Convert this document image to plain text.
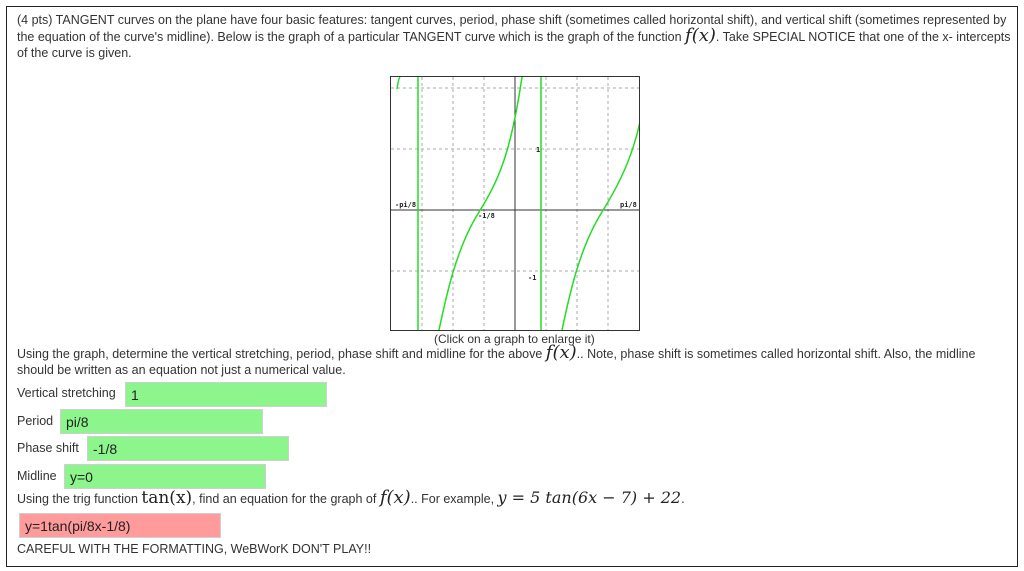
(4 pts) TANGENT curves on the plane have four basic features: tangent curves, period, phase shift (sometimes called horizontal shift), and vertical shift (sometimes represented by the equation of the curve's midline). Below is the graph of a particular TANGENT curve which is the graph of the function f(x). Take SPECIAL NOTICE that one of the x- intercepts of the curve is given.

-pi/8	pi/8
-1/8
1
-1
(Click on a graph to enlarge it)

Using the graph, determine the vertical stretching, period, phase shift and midline for the above f(x).. Note, phase shift is sometimes called horizontal shift. Also, the midline should be written as an equation not just a numerical value.

Vertical stretching
1
Period
pi/8
Phase shift
-1/8
Midline
y=0

Using the trig function tan(x), find an equation for the graph of f(x).. For example, y = 5 tan(6x − 7) + 22.

y=1tan(pi/8x-1/8)
CAREFUL WITH THE FORMATTING, WeBWorK DON'T PLAY!!
